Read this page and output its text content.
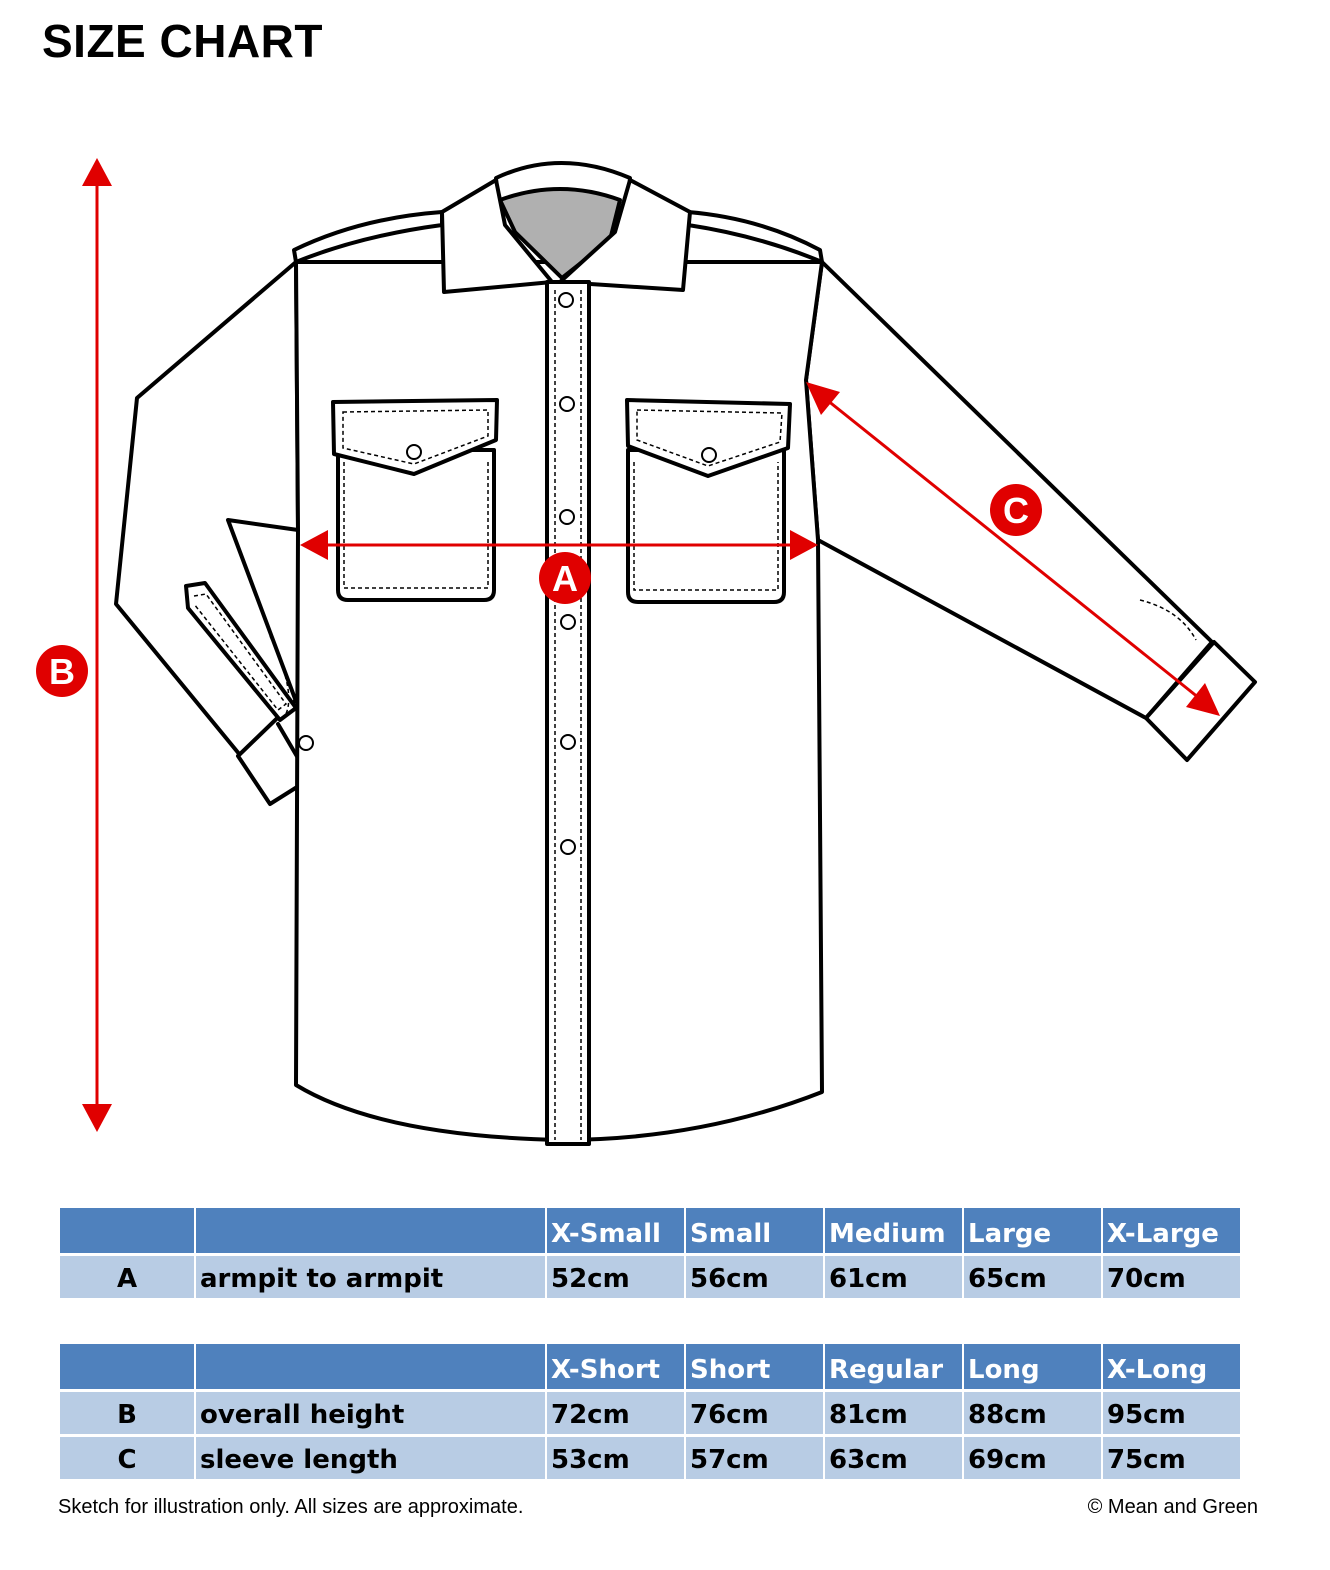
SIZE CHART
A
B
C
		X-Small	Small	Medium	Large	X-Large
A	armpit to armpit	52cm	56cm	61cm	65cm	70cm
		X-Short	Short	Regular	Long	X-Long
B	overall height	72cm	76cm	81cm	88cm	95cm
C	sleeve length	53cm	57cm	63cm	69cm	75cm
Sketch for illustration only. All sizes are approximate.	© Mean and Green
